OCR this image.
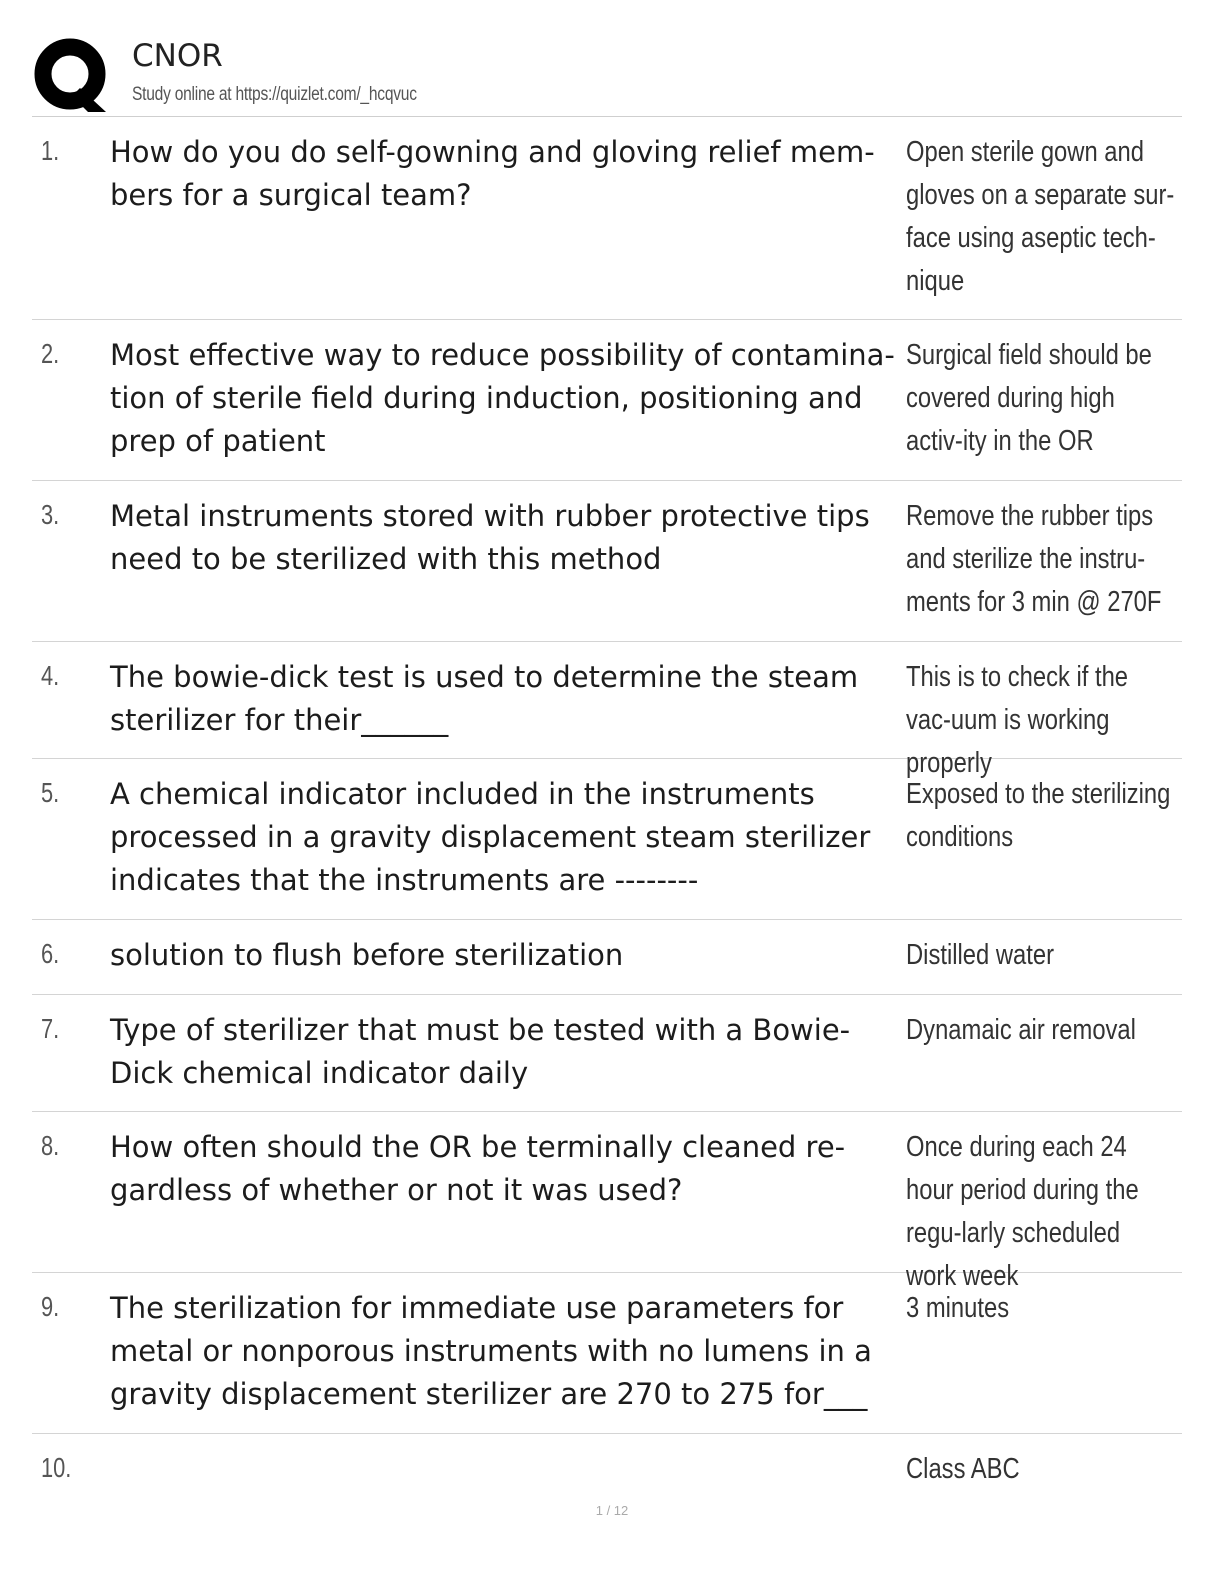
CNOR
Study online at https://quizlet.com/_hcqvuc
1. How do you do self-gowning and gloving relief mem-bers for a surgical team?
Open sterile gown and gloves on a separate sur-face using aseptic tech-nique
2. Most effective way to reduce possibility of contamina-tion of sterile field during induction, positioning and prep of patient
Surgical field should be covered during high activ-ity in the OR
3. Metal instruments stored with rubber protective tips need to be sterilized with this method
Remove the rubber tips and sterilize the instru-ments for 3 min @ 270F
4. The bowie-dick test is used to determine the steam sterilizer for their______
This is to check if the vac-uum is working properly
5. A chemical indicator included in the instruments processed in a gravity displacement steam sterilizer indicates that the instruments are --------
Exposed to the sterilizing conditions
6. solution to flush before sterilization	Distilled water
7. Type of sterilizer that must be tested with a Bowie-Dick chemical indicator daily
Dynamaic air removal
8. How often should the OR be terminally cleaned re-gardless of whether or not it was used?
Once during each 24 hour period during the regu-larly scheduled work week
9. The sterilization for immediate use parameters for metal or nonporous instruments with no lumens in a gravity displacement sterilizer are 270 to 275 for___
3 minutes
10.	Class ABC
1 / 12
